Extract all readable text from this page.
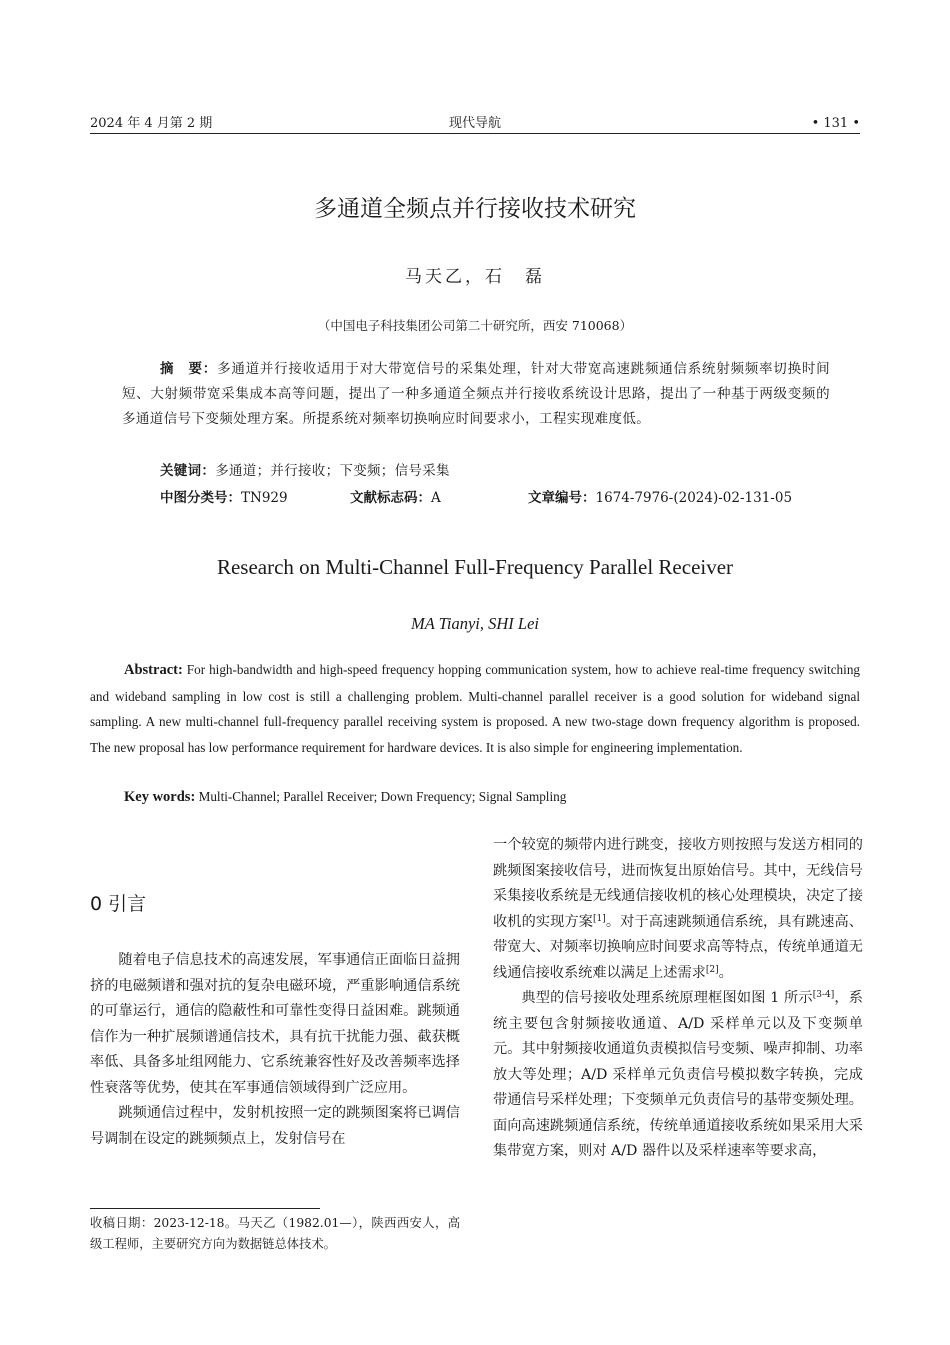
2024 年 4 月第 2 期	现代导航	• 131 •
多通道全频点并行接收技术研究
马天乙，石　磊
（中国电子科技集团公司第二十研究所，西安 710068）
摘　要：多通道并行接收适用于对大带宽信号的采集处理，针对大带宽高速跳频通信系统射频频率切换时间短、大射频带宽采集成本高等问题，提出了一种多通道全频点并行接收系统设计思路，提出了一种基于两级变频的多通道信号下变频处理方案。所提系统对频率切换响应时间要求小，工程实现难度低。
关键词：多通道；并行接收；下变频；信号采集
中图分类号：TN929	文献标志码：A	文章编号：1674-7976-(2024)-02-131-05
Research on Multi-Channel Full-Frequency Parallel Receiver
MA Tianyi, SHI Lei
Abstract: For high-bandwidth and high-speed frequency hopping communication system, how to achieve real-time frequency switching and wideband sampling in low cost is still a challenging problem. Multi-channel parallel receiver is a good solution for wideband signal sampling. A new multi-channel full-frequency parallel receiving system is proposed. A new two-stage down frequency algorithm is proposed. The new proposal has low performance requirement for hardware devices. It is also simple for engineering implementation.
Key words: Multi-Channel; Parallel Receiver; Down Frequency; Signal Sampling
0 引言

随着电子信息技术的高速发展，军事通信正面临日益拥挤的电磁频谱和强对抗的复杂电磁环境，严重影响通信系统的可靠运行，通信的隐蔽性和可靠性变得日益困难。跳频通信作为一种扩展频谱通信技术，具有抗干扰能力强、截获概率低、具备多址组网能力、它系统兼容性好及改善频率选择性衰落等优势，使其在军事通信领域得到广泛应用。

跳频通信过程中，发射机按照一定的跳频图案将已调信号调制在设定的跳频频点上，发射信号在

一个较宽的频带内进行跳变，接收方则按照与发送方相同的跳频图案接收信号，进而恢复出原始信号。其中，无线信号采集接收系统是无线通信接收机的核心处理模块，决定了接收机的实现方案[1]。对于高速跳频通信系统，具有跳速高、带宽大、对频率切换响应时间要求高等特点，传统单通道无线通信接收系统难以满足上述需求[2]。

典型的信号接收处理系统原理框图如图 1 所示[3-4]，系统主要包含射频接收通道、A/D 采样单元以及下变频单元。其中射频接收通道负责模拟信号变频、噪声抑制、功率放大等处理；A/D 采样单元负责信号模拟数字转换，完成带通信号采样处理；下变频单元负责信号的基带变频处理。面向高速跳频通信系统，传统单通道接收系统如果采用大采集带宽方案，则对 A/D 器件以及采样速率等要求高，

收稿日期：2023-12-18。马天乙（1982.01—），陕西西安人，高级工程师，主要研究方向为数据链总体技术。
